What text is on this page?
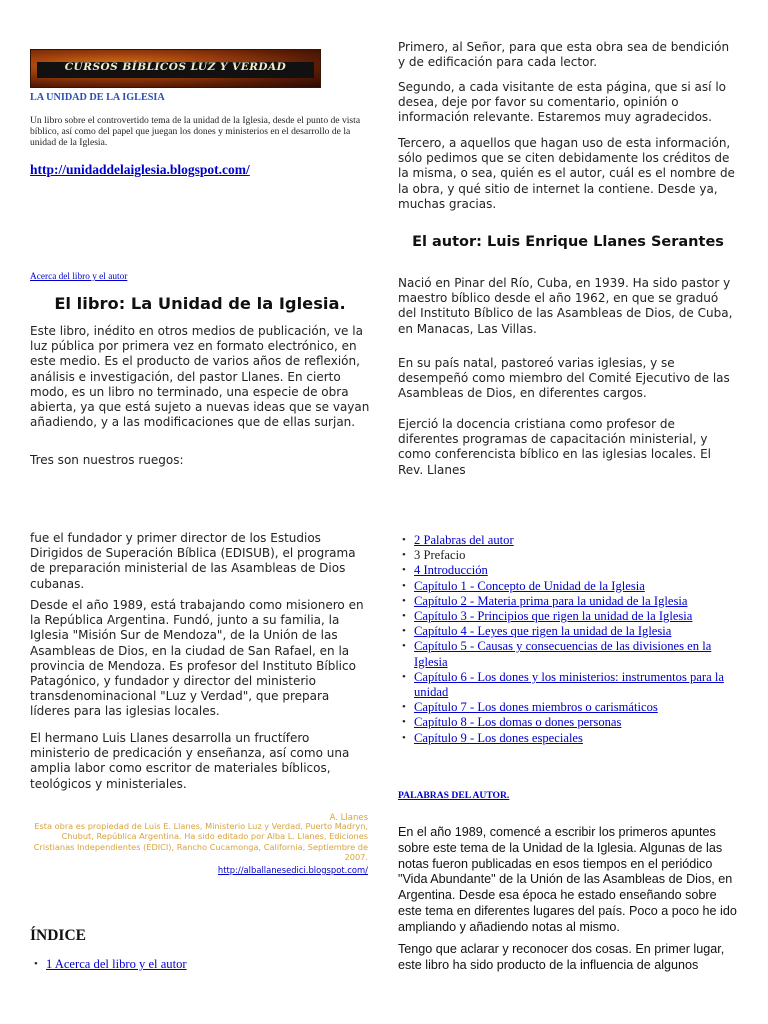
CURSOS BÍBLICOS LUZ Y VERDAD
LA UNIDAD DE LA IGLESIA
Un libro sobre el controvertido tema de la unidad de la Iglesia, desde el punto de vista bíblico, así como del papel que juegan los dones y ministerios en el desarrollo de la unidad de la Iglesia.
http://unidaddelaiglesia.blogspot.com/
Acerca del libro y el autor
El libro: La Unidad de la Iglesia.
Este libro, inédito en otros medios de publicación, ve la luz pública por primera vez en formato electrónico, en este medio. Es el producto de varios años de reflexión, análisis e investigación, del pastor Llanes. En cierto modo, es un libro no terminado, una especie de obra abierta, ya que está sujeto a nuevas ideas que se vayan añadiendo, y a las modificaciones que de ellas surjan.
Tres son nuestros ruegos:
Primero, al Señor, para que esta obra sea de bendición y de edificación para cada lector.
Segundo, a cada visitante de esta página, que si así lo desea, deje por favor su comentario, opinión o información relevante. Estaremos muy agradecidos.
Tercero, a aquellos que hagan uso de esta información, sólo pedimos que se citen debidamente los créditos de la misma, o sea, quién es el autor, cuál es el nombre de la obra, y qué sitio de internet la contiene. Desde ya, muchas gracias.
El autor: Luis Enrique Llanes Serantes
Nació en Pinar del Río, Cuba, en 1939. Ha sido pastor y maestro bíblico desde el año 1962, en que se graduó del Instituto Bíblico de las Asambleas de Dios, de Cuba, en Manacas, Las Villas.
En su país natal, pastoreó varias iglesias, y se desempeñó como miembro del Comité Ejecutivo de las Asambleas de Dios, en diferentes cargos.
Ejerció la docencia cristiana como profesor de diferentes programas de capacitación ministerial, y como conferencista bíblico en las iglesias locales. El Rev. Llanes
fue el fundador y primer director de los Estudios Dirigidos de Superación Bíblica (EDISUB), el programa de preparación ministerial de las Asambleas de Dios cubanas.
Desde el año 1989, está trabajando como misionero en la República Argentina. Fundó, junto a su familia, la Iglesia "Misión Sur de Mendoza", de la Unión de las Asambleas de Dios, en la ciudad de San Rafael, en la provincia de Mendoza. Es profesor del Instituto Bíblico Patagónico, y fundador y director del ministerio transdenominacional "Luz y Verdad", que prepara líderes para las iglesias locales.
El hermano Luis Llanes desarrolla un fructífero ministerio de predicación y enseñanza, así como una amplia labor como escritor de materiales bíblicos, teológicos y ministeriales.
A. Llanes
Esta obra es propiedad de Luis E. Llanes, Ministerio Luz y Verdad, Puerto Madryn, Chubut, República Argentina. Ha sido editado por Alba L. Llanes, Ediciones Cristianas Independientes (EDICI), Rancho Cucamonga, California, Septiembre de 2007.
http://alballanesedici.blogspot.com/
ÍNDICE
• 1 Acerca del libro y el autor
• 2 Palabras del autor
• 3 Prefacio
• 4 Introducción
• Capítulo 1 - Concepto de Unidad de la Iglesia
• Capítulo 2 - Materia prima para la unidad de la Iglesia
• Capítulo 3 - Principios que rigen la unidad de la Iglesia
• Capítulo 4 - Leyes que rigen la unidad de la Iglesia
• Capítulo 5 - Causas y consecuencias de las divisiones en la Iglesia
• Capítulo 6 - Los dones y los ministerios: instrumentos para la unidad
• Capítulo 7 - Los dones miembros o carismáticos
• Capítulo 8 - Los domas o dones personas
• Capítulo 9 - Los dones especiales
PALABRAS DEL AUTOR.
En el año 1989, comencé a escribir los primeros apuntes sobre este tema de la Unidad de la Iglesia. Algunas de las notas fueron publicadas en esos tiempos en el periódico "Vida Abundante" de la Unión de las Asambleas de Dios, en Argentina. Desde esa época he estado enseñando sobre este tema en diferentes lugares del país. Poco a poco he ido ampliando y añadiendo notas al mismo.
Tengo que aclarar y reconocer dos cosas. En primer lugar, este libro ha sido producto de la influencia de algunos
